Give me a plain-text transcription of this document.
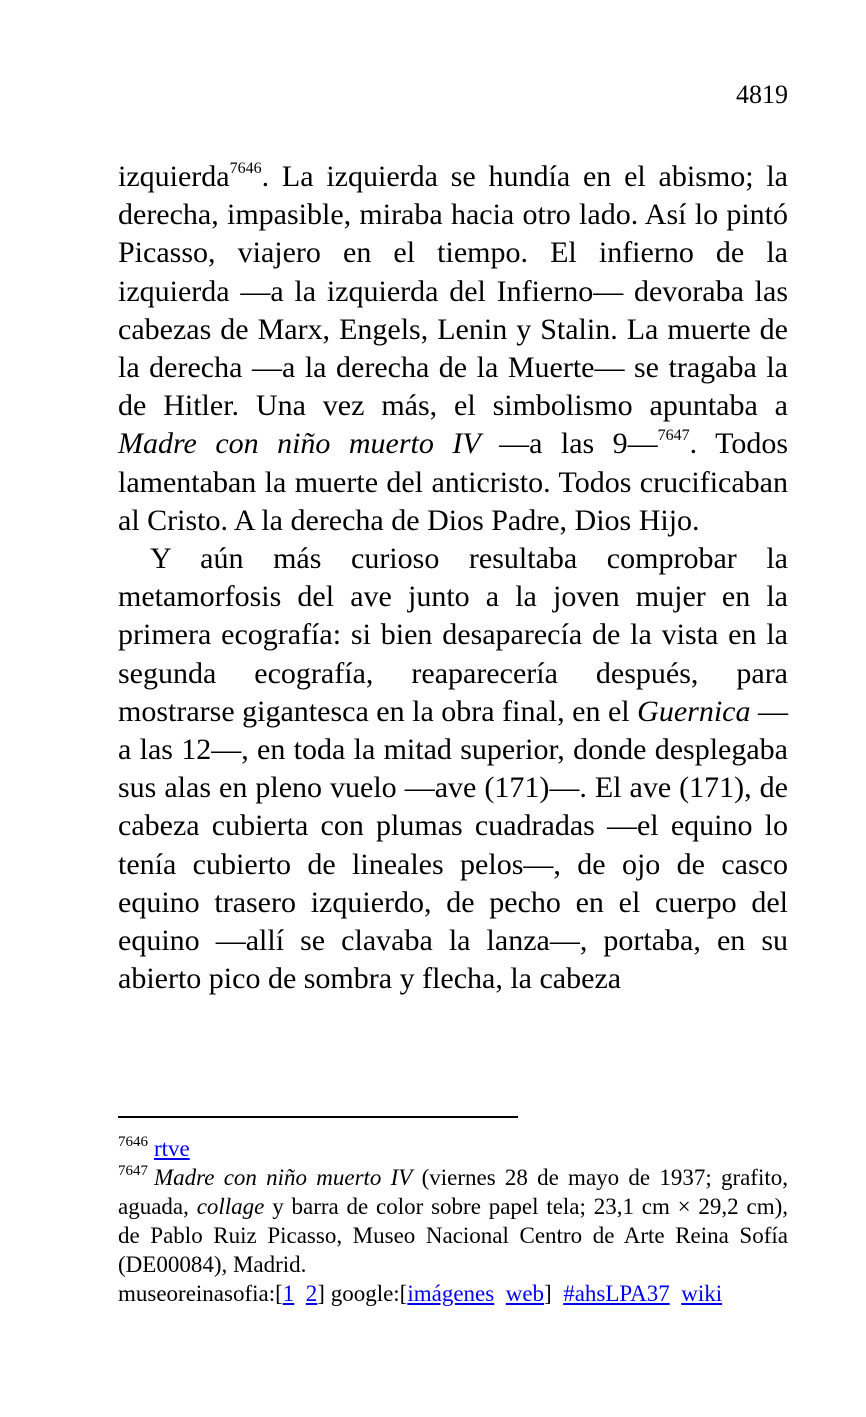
4819

izquierda$^{7646}$. La izquierda se hundía en el abismo; la derecha, impasible, miraba hacia otro lado. Así lo pintó Picasso, viajero en el tiempo. El infierno de la izquierda —a la izquierda del Infierno— devoraba las cabezas de Marx, Engels, Lenin y Stalin. La muerte de la derecha —a la derecha de la Muerte— se tragaba la de Hitler. Una vez más, el simbolismo apuntaba a Madre con niño muerto IV —a las 9—$^{7647}$. Todos lamentaban la muerte del anticristo. Todos crucificaban al Cristo. A la derecha de Dios Padre, Dios Hijo.

Y aún más curioso resultaba comprobar la metamorfosis del ave junto a la joven mujer en la primera ecografía: si bien desaparecía de la vista en la segunda ecografía, reaparecería después, para mostrarse gigantesca en la obra final, en el Guernica —a las 12—, en toda la mitad superior, donde desplegaba sus alas en pleno vuelo —ave (171)—. El ave (171), de cabeza cubierta con plumas cuadradas —el equino lo tenía cubierto de lineales pelos—, de ojo de casco equino trasero izquierdo, de pecho en el cuerpo del equino —allí se clavaba la lanza—, portaba, en su abierto pico de sombra y flecha, la cabeza

$^{7646}$ rtve

$^{7647}$ Madre con niño muerto IV (viernes 28 de mayo de 1937; grafito, aguada, collage y barra de color sobre papel tela; 23,1 cm × 29,2 cm), de Pablo Ruiz Picasso, Museo Nacional Centro de Arte Reina Sofía (DE00084), Madrid.

museoreinasofia:[1 2] google:[imágenes web] #ahsLPA37 wiki
